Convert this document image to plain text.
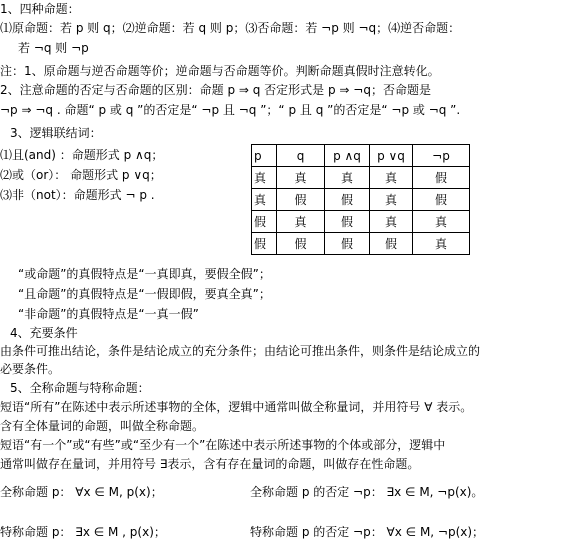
1、四种命题：
⑴原命题：若 p 则 q；⑵逆命题：若 q 则 p；⑶否命题：若 ¬p 则 ¬q；⑷逆否命题：
若 ¬q 则 ¬p
注：1、原命题与逆否命题等价；逆命题与否命题等价。判断命题真假时注意转化。
2、注意命题的否定与否命题的区别：命题 p ⇒ q 否定形式是 p ⇒ ¬q；否命题是
¬p ⇒ ¬q . 命题“ p 或 q ”的否定是“ ¬p 且 ¬q ”；“ p 且 q ”的否定是“ ¬p 或 ¬q ”.
3、逻辑联结词：
⑴且(and) ：命题形式 p ∧q；
⑵或（or）： 命题形式 p ∨q；
⑶非（not）：命题形式 ¬ p .
p	q	p ∧q	p ∨q	¬p
真	真	真	真	假
真	假	假	真	假
假	真	假	真	真
假	假	假	假	真
“或命题”的真假特点是“一真即真，要假全假”；
“且命题”的真假特点是“一假即假，要真全真”；
“非命题”的真假特点是“一真一假”
4、充要条件
由条件可推出结论，条件是结论成立的充分条件；由结论可推出条件，则条件是结论成立的
必要条件。
5、全称命题与特称命题：
短语“所有”在陈述中表示所述事物的全体，逻辑中通常叫做全称量词，并用符号 ∀ 表示。
含有全体量词的命题，叫做全称命题。
短语“有一个”或“有些”或“至少有一个”在陈述中表示所述事物的个体或部分，逻辑中
通常叫做存在量词，并用符号 ∃表示，含有存在量词的命题，叫做存在性命题。
全称命题 p： ∀x ∈ M, p(x)；	全称命题 p 的否定 ¬p： ∃x ∈ M, ¬p(x)。
特称命题 p： ∃x ∈ M , p(x)；	特称命题 p 的否定 ¬p： ∀x ∈ M, ¬p(x)；
